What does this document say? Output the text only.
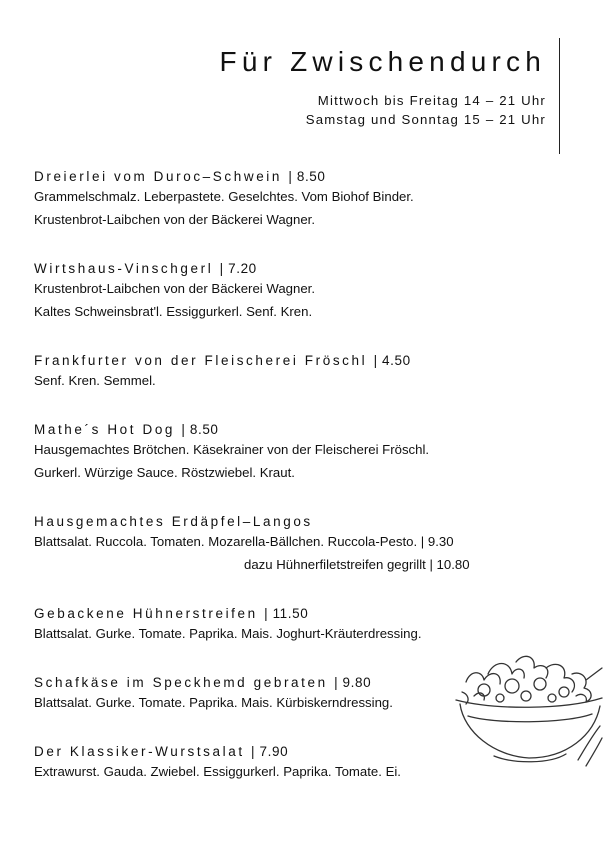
Für Zwischendurch
Mittwoch bis Freitag 14 – 21 Uhr
Samstag und Sonntag 15 – 21 Uhr
Dreierlei vom Duroc–Schwein | 8.50
Grammelschmalz. Leberpastete. Geselchtes. Vom Biohof Binder.
Krustenbrot-Laibchen von der Bäckerei Wagner.
Wirtshaus-Vinschgerl | 7.20
Krustenbrot-Laibchen von der Bäckerei Wagner.
Kaltes Schweinsbrat'l. Essiggurkerl. Senf. Kren.
Frankfurter von der Fleischerei Fröschl | 4.50
Senf. Kren. Semmel.
Mathe´s Hot Dog | 8.50
Hausgemachtes Brötchen. Käsekrainer von der Fleischerei Fröschl.
Gurkerl. Würzige Sauce. Röstzwiebel. Kraut.
Hausgemachtes Erdäpfel–Langos
Blattsalat. Ruccola. Tomaten. Mozarella-Bällchen. Ruccola-Pesto. | 9.30
dazu Hühnerfiletstreifen gegrillt | 10.80
Gebackene Hühnerstreifen | 11.50
Blattsalat. Gurke. Tomate. Paprika. Mais. Joghurt-Kräuterdressing.
Schafkäse im Speckhemd gebraten | 9.80
Blattsalat. Gurke. Tomate. Paprika. Mais. Kürbiskerndressing.
Der Klassiker-Wurstsalat | 7.90
Extrawurst. Gauda. Zwiebel. Essiggurkerl. Paprika. Tomate. Ei.
